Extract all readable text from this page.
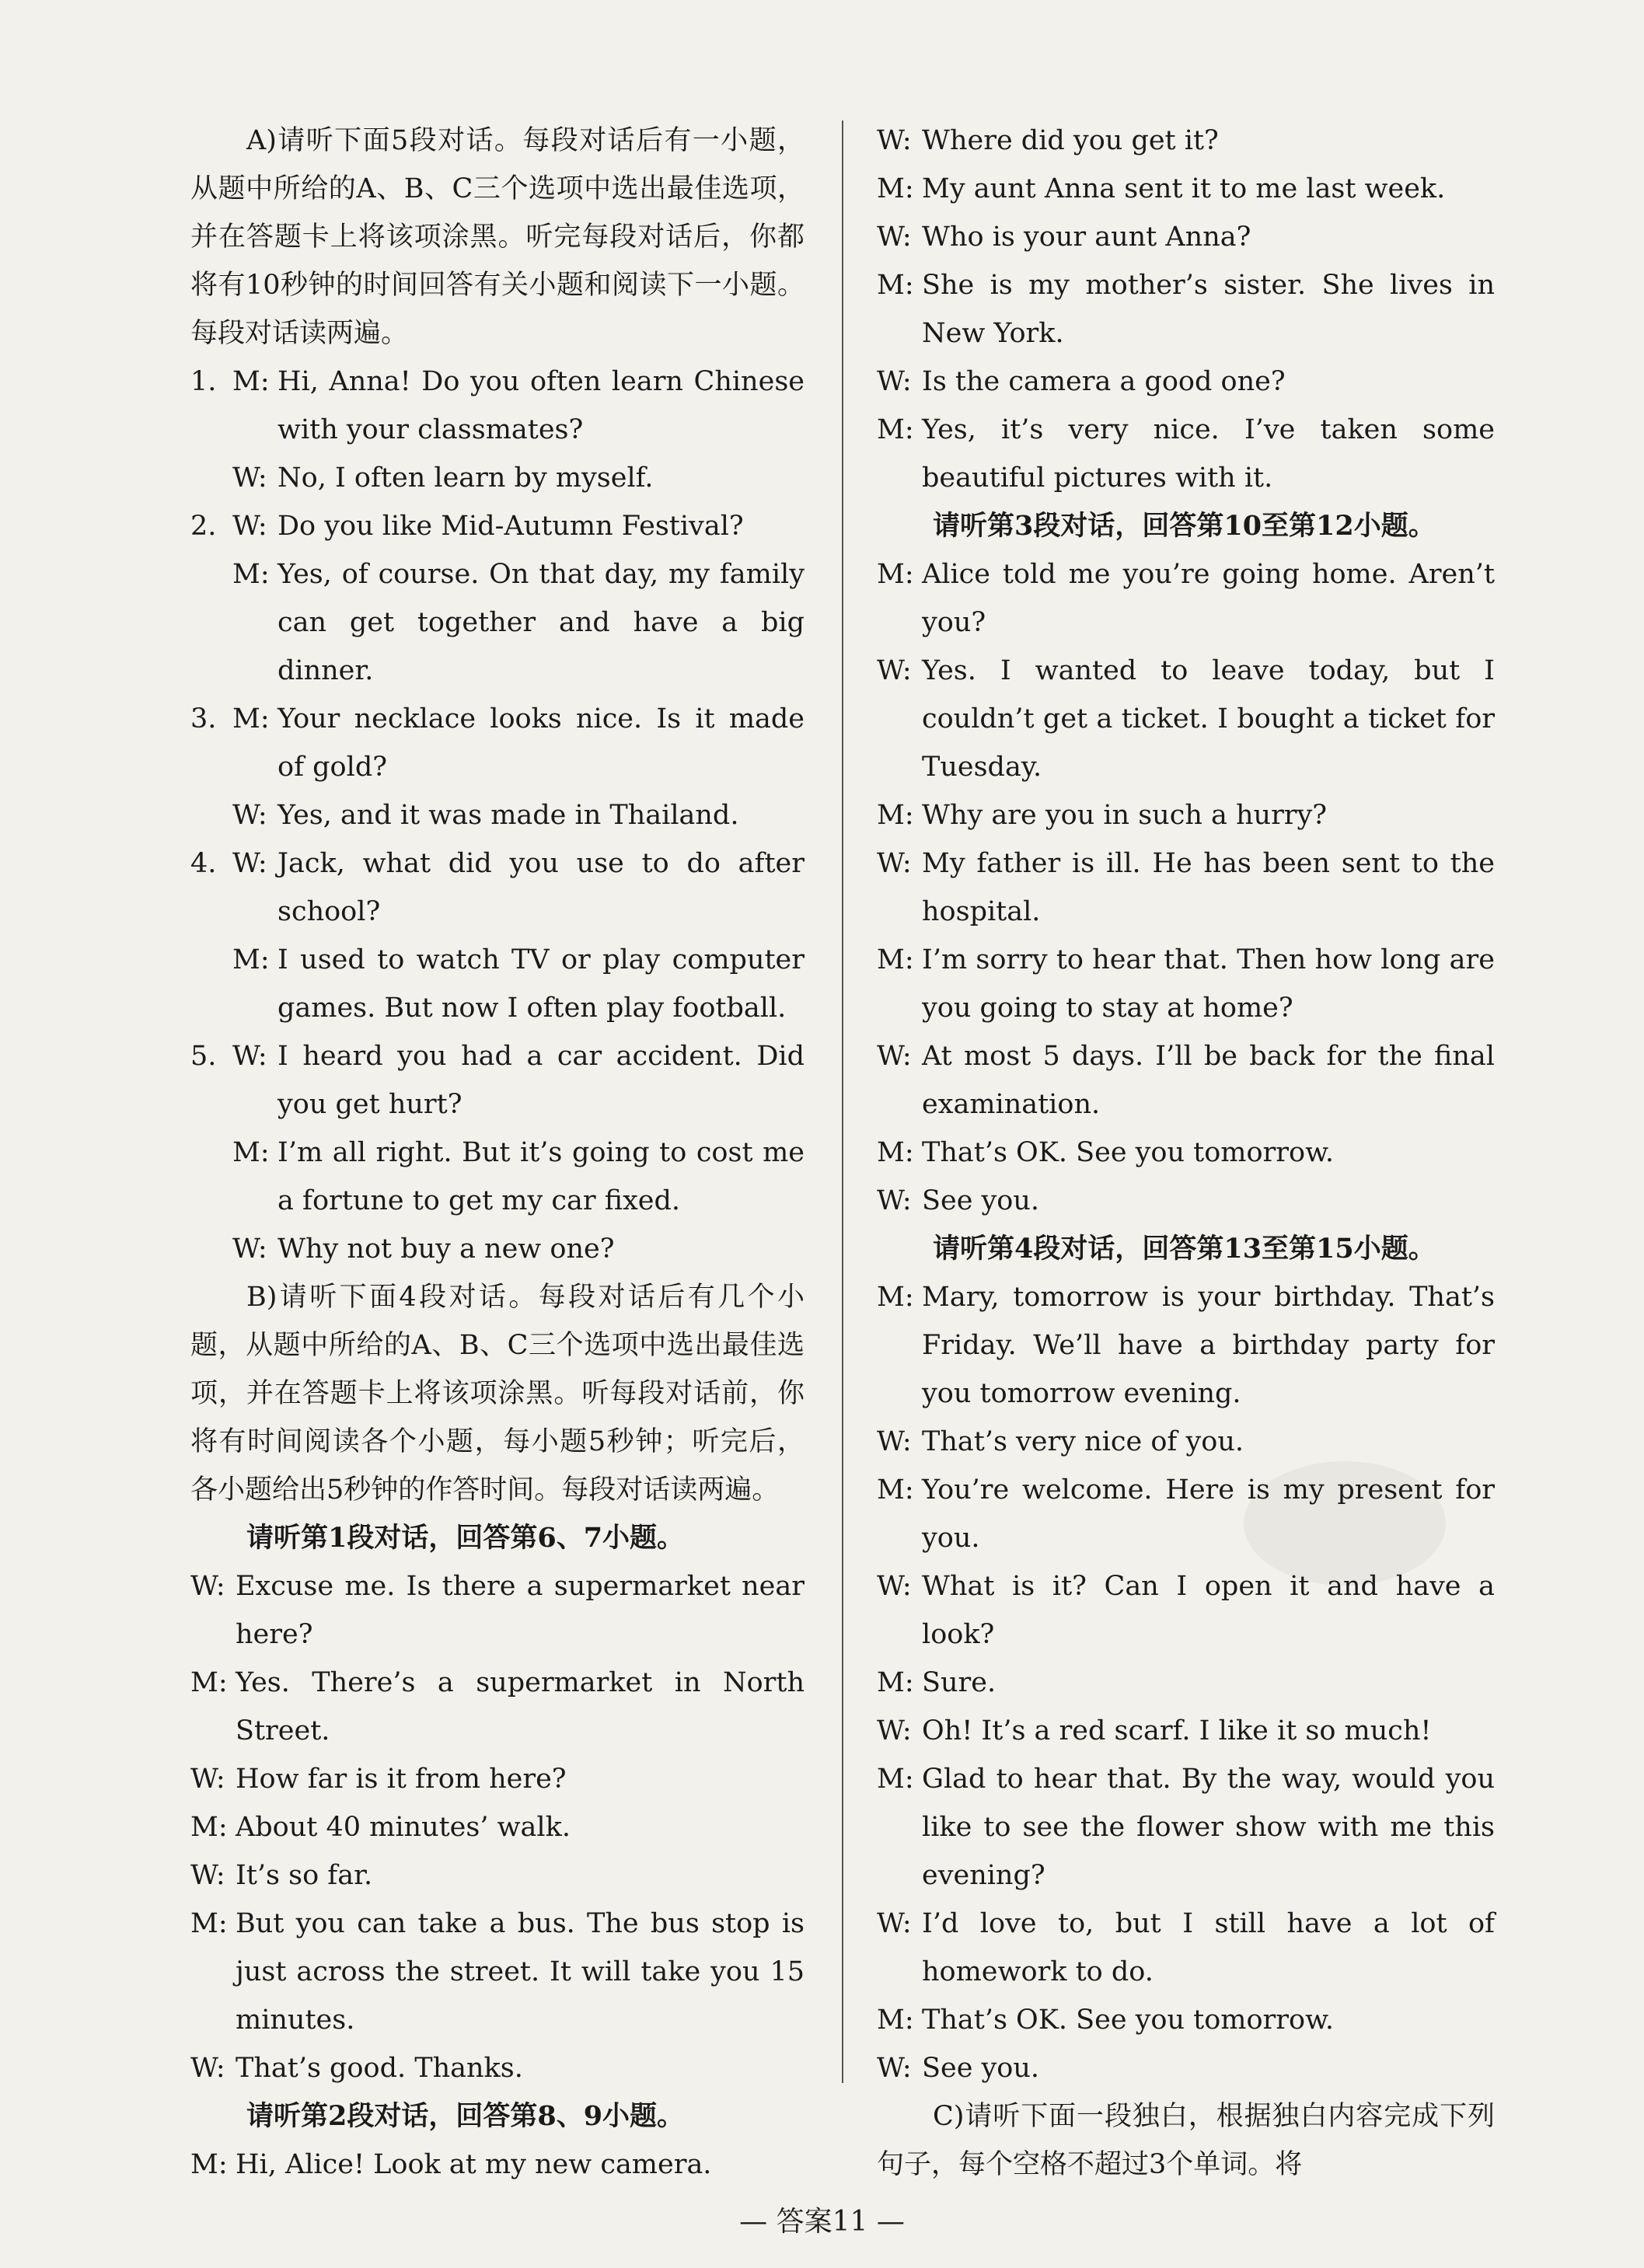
A)请听下面5段对话。每段对话后有一小题，从题中所给的A、B、C三个选项中选出最佳选项，并在答题卡上将该项涂黑。听完每段对话后，你都将有10秒钟的时间回答有关小题和阅读下一小题。每段对话读两遍。

1. M: Hi, Anna! Do you often learn Chinese with your classmates?
W: No, I often learn by myself.
2. W: Do you like Mid-Autumn Festival?
M: Yes, of course. On that day, my family can get together and have a big dinner.
3. M: Your necklace looks nice. Is it made of gold?
W: Yes, and it was made in Thailand.
4. W: Jack, what did you use to do after school?
M: I used to watch TV or play computer games. But now I often play football.
5. W: I heard you had a car accident. Did you get hurt?
M: I’m all right. But it’s going to cost me a fortune to get my car fixed.
W: Why not buy a new one?

B)请听下面4段对话。每段对话后有几个小题，从题中所给的A、B、C三个选项中选出最佳选项，并在答题卡上将该项涂黑。听每段对话前，你将有时间阅读各个小题，每小题5秒钟；听完后，各小题给出5秒钟的作答时间。每段对话读两遍。

请听第1段对话，回答第6、7小题。

W: Excuse me. Is there a supermarket near here?
M: Yes. There’s a supermarket in North Street.
W: How far is it from here?
M: About 40 minutes’ walk.
W: It’s so far.
M: But you can take a bus. The bus stop is just across the street. It will take you 15 minutes.
W: That’s good. Thanks.

请听第2段对话，回答第8、9小题。

M: Hi, Alice! Look at my new camera.
W: Where did you get it?
M: My aunt Anna sent it to me last week.
W: Who is your aunt Anna?
M: She is my mother’s sister. She lives in New York.
W: Is the camera a good one?
M: Yes, it’s very nice. I’ve taken some beautiful pictures with it.

请听第3段对话，回答第10至第12小题。

M: Alice told me you’re going home. Aren’t you?
W: Yes. I wanted to leave today, but I couldn’t get a ticket. I bought a ticket for Tuesday.
M: Why are you in such a hurry?
W: My father is ill. He has been sent to the hospital.
M: I’m sorry to hear that. Then how long are you going to stay at home?
W: At most 5 days. I’ll be back for the final examination.
M: That’s OK. See you tomorrow.
W: See you.

请听第4段对话，回答第13至第15小题。

M: Mary, tomorrow is your birthday. That’s Friday. We’ll have a birthday party for you tomorrow evening.
W: That’s very nice of you.
M: You’re welcome. Here is my present for you.
W: What is it? Can I open it and have a look?
M: Sure.
W: Oh! It’s a red scarf. I like it so much!
M: Glad to hear that. By the way, would you like to see the flower show with me this evening?
W: I’d love to, but I still have a lot of homework to do.
M: That’s OK. See you tomorrow.
W: See you.

C)请听下面一段独白，根据独白内容完成下列句子，每个空格不超过3个单词。将

— 答案11 —
